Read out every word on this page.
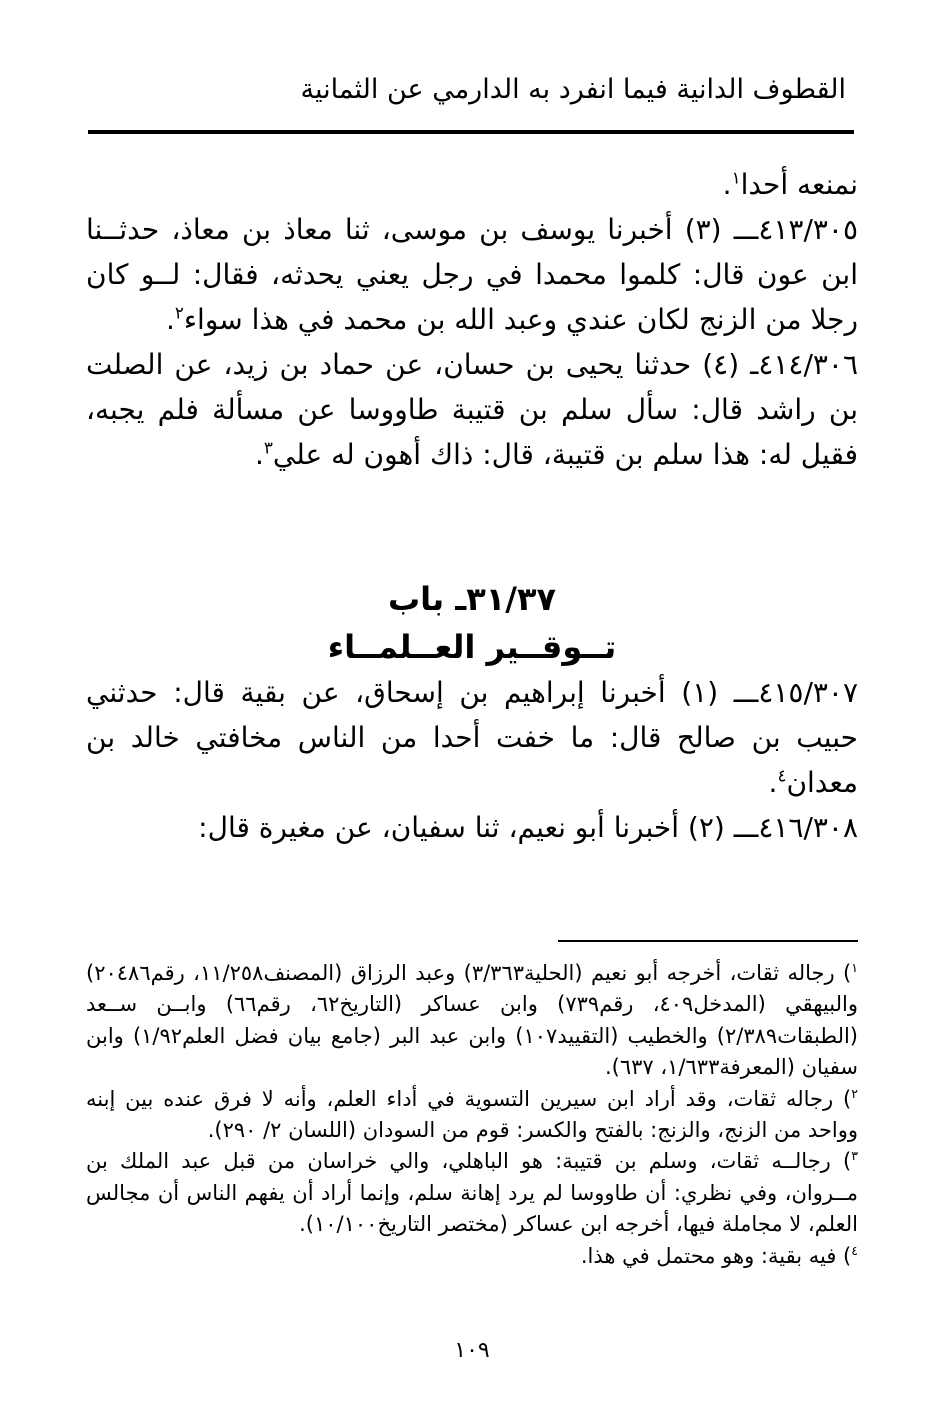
القطوف الدانية فيما انفرد به الدارمي عن الثمانية

نمنعه أحدا$^١$.

٤١٣/٣٠٥ـــ (٣) أخبرنا يوسف بن موسى، ثنا معاذ بن معاذ، حدثــنا ابن عون قال: كلموا محمدا في رجل يعني يحدثه، فقال: لــو كان رجلا من الزنج لكان عندي وعبد الله بن محمد في هذا سواء$^٢$.

٤١٤/٣٠٦ـ (٤) حدثنا يحيى بن حسان، عن حماد بن زيد، عن الصلت بن راشد قال: سأل سلم بن قتيبة طاووسا عن مسألة فلم يجبه، فقيل له: هذا سلم بن قتيبة، قال: ذاك أهون له علي$^٣$.

٣١/٣٧ـ باب
تــوقــير العــلمــاء

٤١٥/٣٠٧ـــ (١) أخبرنا إبراهيم بن إسحاق، عن بقية قال: حدثني حبيب بن صالح قال: ما خفت أحدا من الناس مخافتي خالد بن معدان$^٤$.

٤١٦/٣٠٨ـــ (٢) أخبرنا أبو نعيم، ثنا سفيان، عن مغيرة قال:

$^١$) رجاله ثقات، أخرجه أبو نعيم (الحلية٣/٣٦٣) وعبد الرزاق (المصنف١١/٢٥٨، رقم٢٠٤٨٦) والبيهقي (المدخل٤٠٩، رقم٧٣٩) وابن عساكر (التاريخ٦٢، رقم٦٦) وابــن ســعد (الطبقات٢/٣٨٩) والخطيب (التقييد١٠٧) وابن عبد البر (جامع بيان فضل العلم١/٩٢) وابن سفيان (المعرفة١/٦٣٣، ٦٣٧).

$^٢$) رجاله ثقات، وقد أراد ابن سيرين التسوية في أداء العلم، وأنه لا فرق عنده بين إبنه وواحد من الزنج، والزنج: بالفتح والكسر: قوم من السودان (اللسان ٢/ ٢٩٠).

$^٣$) رجالــه ثقات، وسلم بن قتيبة: هو الباهلي، والي خراسان من قبل عبد الملك بن مــروان، وفي نظري: أن طاووسا لم يرد إهانة سلم، وإنما أراد أن يفهم الناس أن مجالس العلم، لا مجاملة فيها، أخرجه ابن عساكر (مختصر التاريخ١٠/١٠٠).

$^٤$) فيه بقية: وهو محتمل في هذا.

١٠٩
